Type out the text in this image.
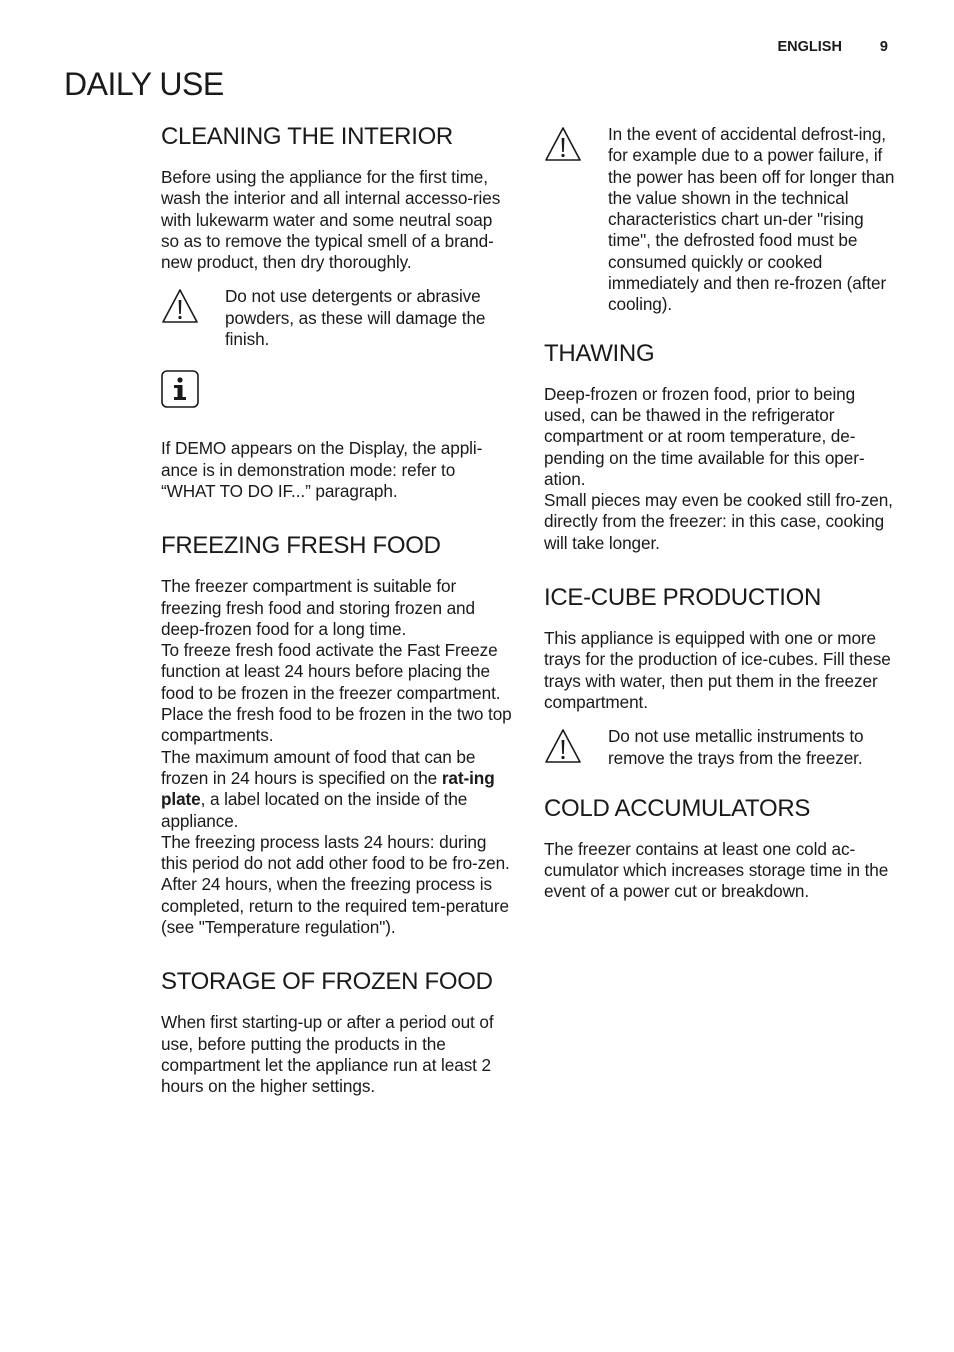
ENGLISH	9
DAILY USE
CLEANING THE INTERIOR

Before using the appliance for the first time, wash the interior and all internal accesso-ries with lukewarm water and some neutral soap so as to remove the typical smell of a brand-new product, then dry thoroughly.

Do not use detergents or abrasive powders, as these will damage the finish.

If DEMO appears on the Display, the appli-ance is in demonstration mode: refer to “WHAT TO DO IF...” paragraph.

FREEZING FRESH FOOD

The freezer compartment is suitable for freezing fresh food and storing frozen and deep-frozen food for a long time.

To freeze fresh food activate the Fast Freeze function at least 24 hours before placing the food to be frozen in the freezer compartment.

Place the fresh food to be frozen in the two top compartments.

The maximum amount of food that can be frozen in 24 hours is specified on the rat-ing plate, a label located on the inside of the appliance.

The freezing process lasts 24 hours: during this period do not add other food to be fro-zen.

After 24 hours, when the freezing process is completed, return to the required tem-perature (see "Temperature regulation").

STORAGE OF FROZEN FOOD

When first starting-up or after a period out of use, before putting the products in the compartment let the appliance run at least 2 hours on the higher settings.

In the event of accidental defrost-ing, for example due to a power failure, if the power has been off for longer than the value shown in the technical characteristics chart un-der "rising time", the defrosted food must be consumed quickly or cooked immediately and then re-frozen (after cooling).
THAWING

Deep-frozen or frozen food, prior to being used, can be thawed in the refrigerator compartment or at room temperature, de-pending on the time available for this oper-ation.

Small pieces may even be cooked still fro-zen, directly from the freezer: in this case, cooking will take longer.

ICE-CUBE PRODUCTION

This appliance is equipped with one or more trays for the production of ice-cubes. Fill these trays with water, then put them in the freezer compartment.

Do not use metallic instruments to remove the trays from the freezer.
COLD ACCUMULATORS

The freezer contains at least one cold ac-cumulator which increases storage time in the event of a power cut or breakdown.
